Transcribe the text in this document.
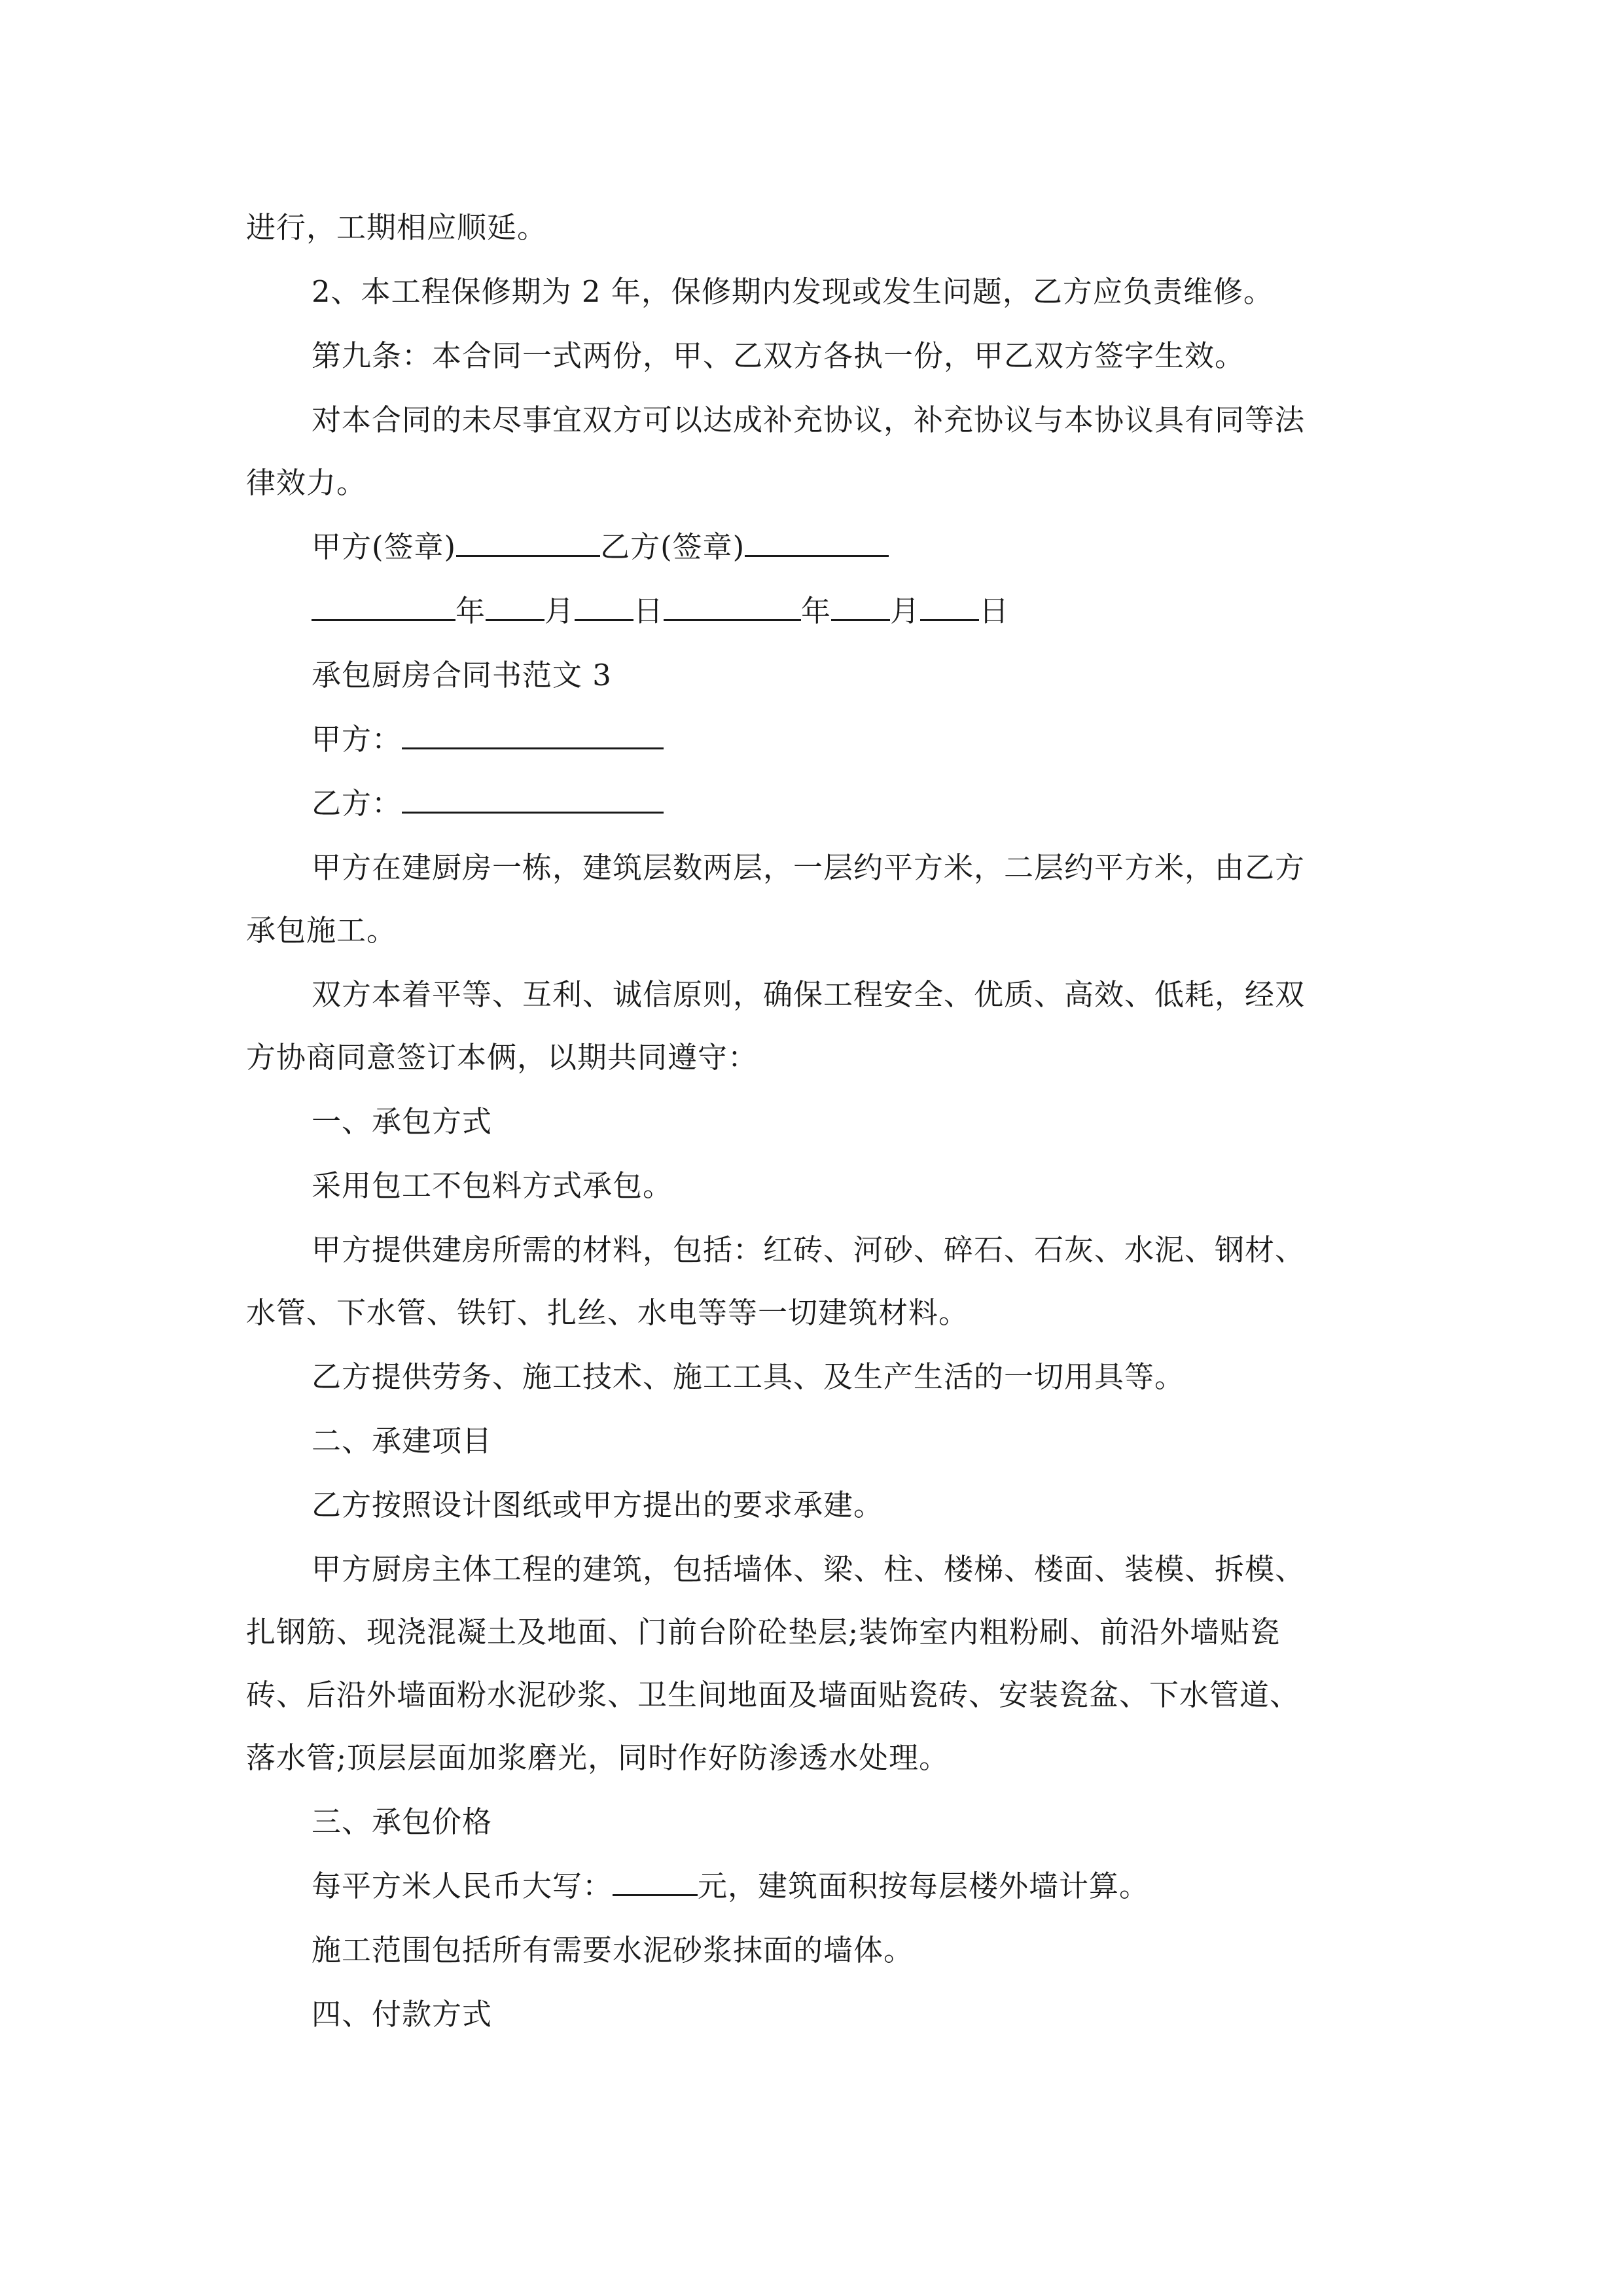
进行，工期相应顺延。
2、本工程保修期为 2 年，保修期内发现或发生问题，乙方应负责维修。
第九条：本合同一式两份，甲、乙双方各执一份，甲乙双方签字生效。
对本合同的未尽事宜双方可以达成补充协议，补充协议与本协议具有同等法
律效力。
甲方(签章)	乙方(签章)
年 月 日	年 月 日
承包厨房合同书范文 3
甲方：
乙方：
甲方在建厨房一栋，建筑层数两层，一层约平方米，二层约平方米，由乙方
承包施工。
双方本着平等、互利、诚信原则，确保工程安全、优质、高效、低耗，经双
方协商同意签订本俩，以期共同遵守：
一、承包方式
采用包工不包料方式承包。
甲方提供建房所需的材料，包括：红砖、河砂、碎石、石灰、水泥、钢材、
水管、下水管、铁钉、扎丝、水电等等一切建筑材料。
乙方提供劳务、施工技术、施工工具、及生产生活的一切用具等。
二、承建项目
乙方按照设计图纸或甲方提出的要求承建。
甲方厨房主体工程的建筑，包括墙体、梁、柱、楼梯、楼面、装模、拆模、
扎钢筋、现浇混凝土及地面、门前台阶砼垫层;装饰室内粗粉刷、前沿外墙贴瓷
砖、后沿外墙面粉水泥砂浆、卫生间地面及墙面贴瓷砖、安装瓷盆、下水管道、
落水管;顶层层面加浆磨光，同时作好防渗透水处理。
三、承包价格
每平方米人民币大写：	元，建筑面积按每层楼外墙计算。
施工范围包括所有需要水泥砂浆抹面的墙体。
四、付款方式
